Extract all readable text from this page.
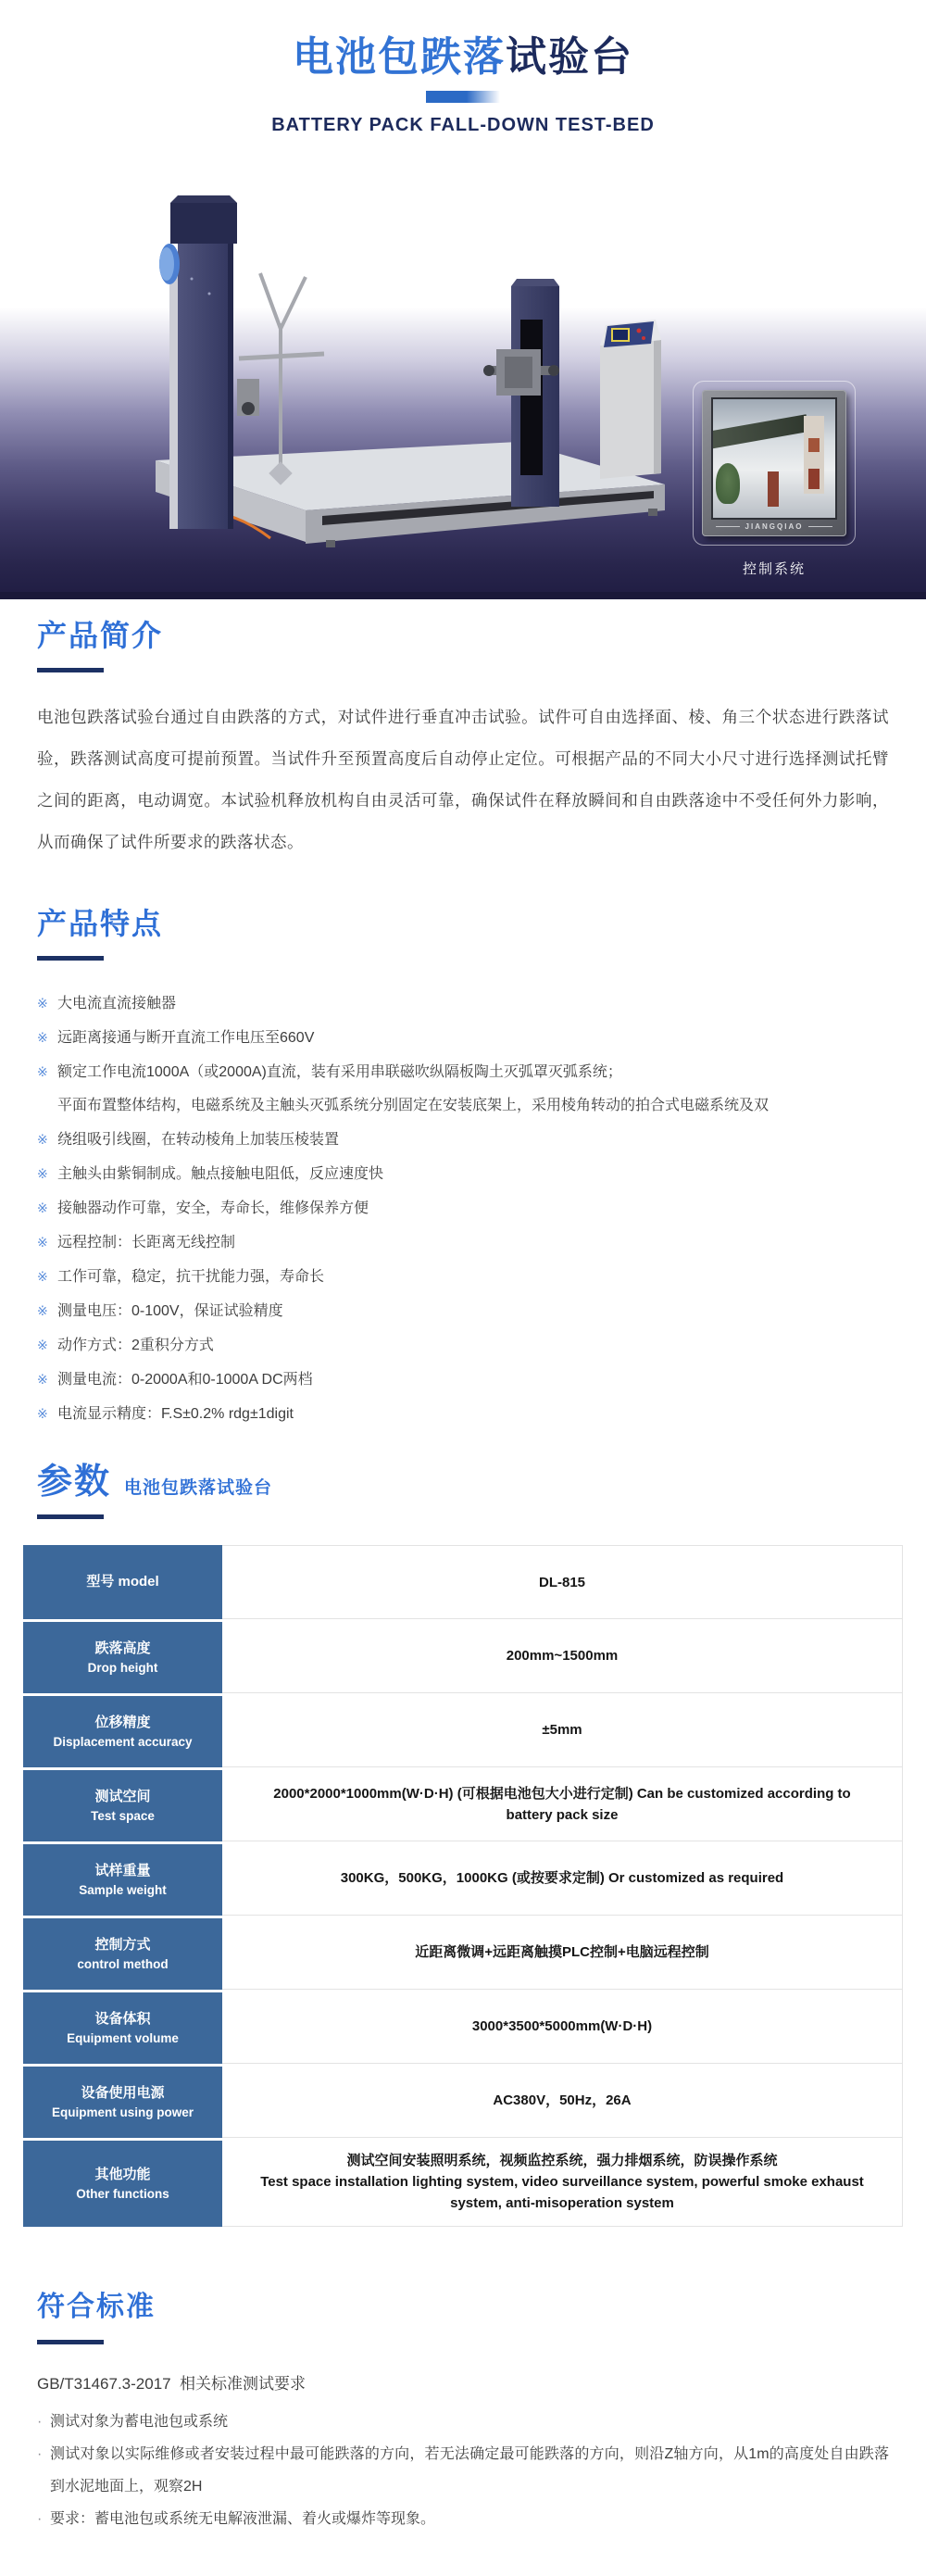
电池包跌落试验台
BATTERY PACK FALL-DOWN TEST-BED
JIANGQIAO
控制系统
产品简介
电池包跌落试验台通过自由跌落的方式，对试件进行垂直冲击试验。试件可自由选择面、棱、角三个状态进行跌落试验，跌落测试高度可提前预置。当试件升至预置高度后自动停止定位。可根据产品的不同大小尺寸进行选择测试托臂之间的距离，电动调宽。本试验机释放机构自由灵活可靠，确保试件在释放瞬间和自由跌落途中不受任何外力影响，从而确保了试件所要求的跌落状态。
产品特点
※ 大电流直流接触器
※ 远距离接通与断开直流工作电压至660V
※ 额定工作电流1000A（或2000A)直流，装有采用串联磁吹纵隔板陶土灭弧罩灭弧系统；
平面布置整体结构，电磁系统及主触头灭弧系统分别固定在安装底架上，采用棱角转动的拍合式电磁系统及双
※ 绕组吸引线圈，在转动棱角上加装压棱装置
※ 主触头由紫铜制成。触点接触电阻低，反应速度快
※ 接触器动作可靠，安全，寿命长，维修保养方便
※ 远程控制：长距离无线控制
※ 工作可靠，稳定，抗干扰能力强，寿命长
※ 测量电压：0-100V，保证试验精度
※ 动作方式：2重积分方式
※ 测量电流：0-2000A和0-1000A DC两档
※ 电流显示精度：F.S±0.2% rdg±1digit
参数 电池包跌落试验台
型号 model	DL-815
跌落高度
Drop height
200mm~1500mm
位移精度
Displacement accuracy
±5mm
测试空间
Test space
2000*2000*1000mm(W·D·H) (可根据电池包大小进行定制) Can be customized according to battery pack size
试样重量
Sample weight
300KG，500KG，1000KG (或按要求定制) Or customized as required
控制方式
control method
近距离微调+远距离触摸PLC控制+电脑远程控制
设备体积
Equipment volume
3000*3500*5000mm(W·D·H)
设备使用电源
Equipment using power
AC380V，50Hz，26A
其他功能
Other functions
测试空间安装照明系统，视频监控系统，强力排烟系统，防误操作系统
Test space installation lighting system, video surveillance system, powerful smoke exhaust system, anti-misoperation system
符合标准
GB/T31467.3-2017  相关标准测试要求
· 测试对象为蓄电池包或系统
· 测试对象以实际维修或者安装过程中最可能跌落的方向，若无法确定最可能跌落的方向，则沿Z轴方向，从1m的高度处自由跌落到水泥地面上，观察2H
· 要求：蓄电池包或系统无电解液泄漏、着火或爆炸等现象。
